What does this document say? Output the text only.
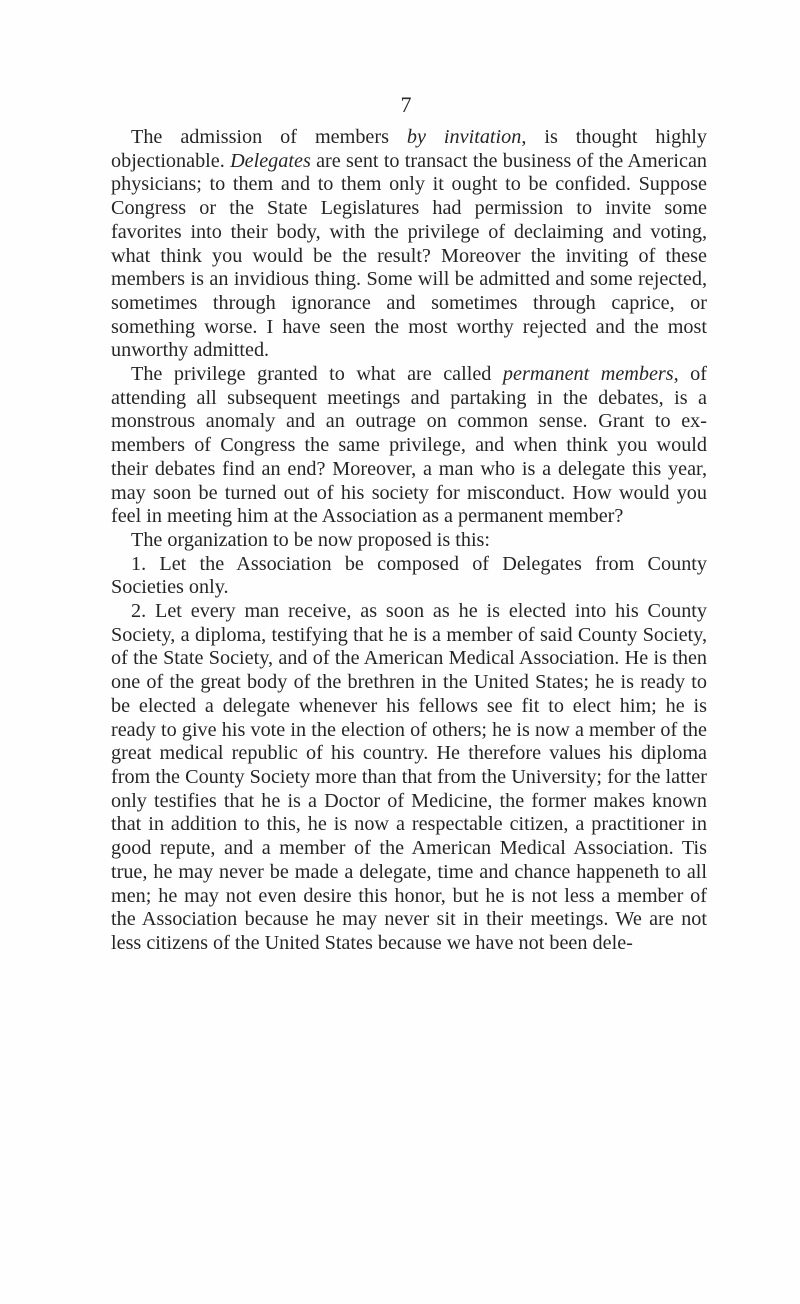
7

The admission of members by invitation, is thought highly objectionable. Delegates are sent to transact the business of the American physicians; to them and to them only it ought to be confided. Suppose Congress or the State Legislatures had permission to invite some favorites into their body, with the privilege of declaiming and voting, what think you would be the result? Moreover the inviting of these members is an invidious thing. Some will be admitted and some rejected, sometimes through ignorance and sometimes through caprice, or something worse. I have seen the most worthy rejected and the most unworthy admitted.

The privilege granted to what are called permanent members, of attending all subsequent meetings and partaking in the debates, is a monstrous anomaly and an outrage on common sense. Grant to ex-members of Congress the same privilege, and when think you would their debates find an end? Moreover, a man who is a delegate this year, may soon be turned out of his society for misconduct. How would you feel in meeting him at the Association as a permanent member?

The organization to be now proposed is this:

1. Let the Association be composed of Delegates from County Societies only.

2. Let every man receive, as soon as he is elected into his County Society, a diploma, testifying that he is a member of said County Society, of the State Society, and of the American Medical Association. He is then one of the great body of the brethren in the United States; he is ready to be elected a delegate whenever his fellows see fit to elect him; he is ready to give his vote in the election of others; he is now a member of the great medical republic of his country. He therefore values his diploma from the County Society more than that from the University; for the latter only testifies that he is a Doctor of Medicine, the former makes known that in addition to this, he is now a respectable citizen, a practitioner in good repute, and a member of the American Medical Association. Tis true, he may never be made a delegate, time and chance happeneth to all men; he may not even desire this honor, but he is not less a member of the Association because he may never sit in their meetings. We are not less citizens of the United States because we have not been dele-
